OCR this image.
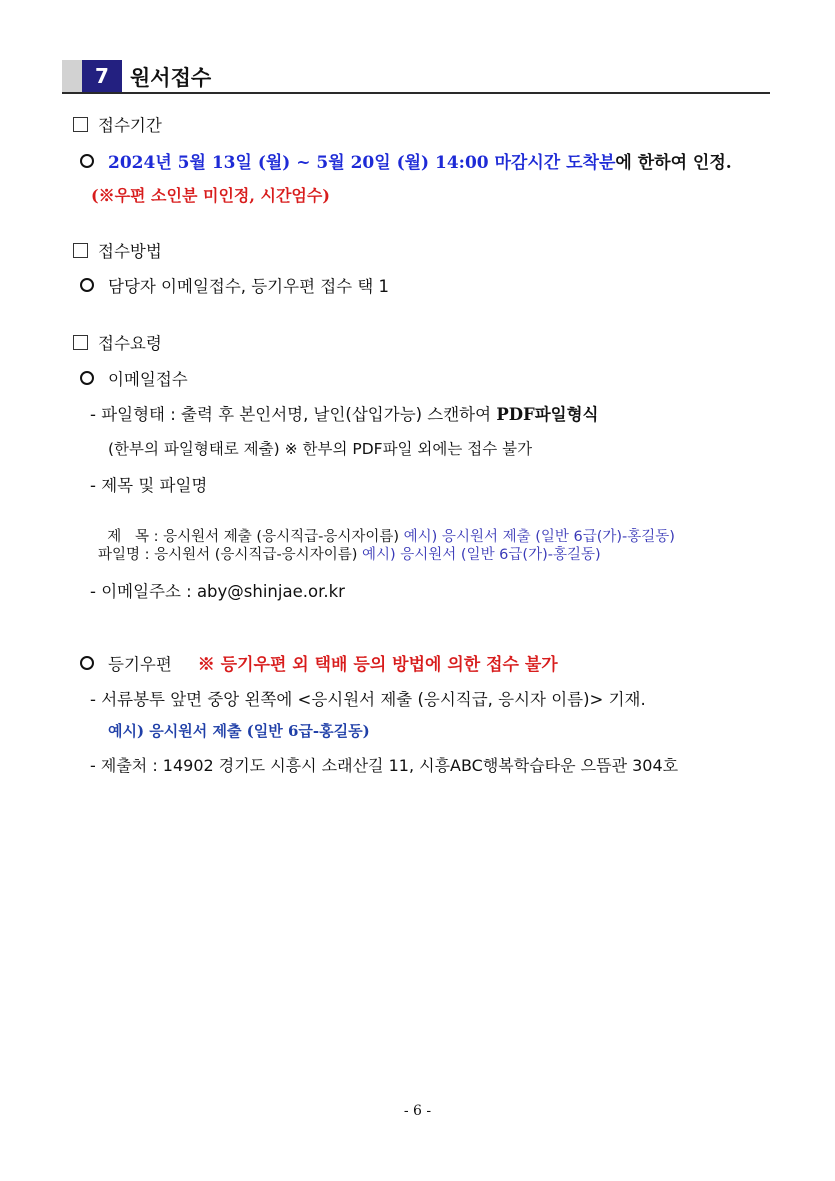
7	원서접수
접수기간
2024년 5월 13일 (월) ~ 5월 20일 (월) 14:00 마감시간 도착분에 한하여 인정.
(※우편 소인분 미인정, 시간엄수)
접수방법
담당자 이메일접수, 등기우편 접수 택 1
접수요령
이메일접수
- 파일형태 : 출력 후 본인서명, 날인(삽입가능) 스캔하여 PDF파일형식
(한부의 파일형태로 제출) ※ 한부의 PDF파일 외에는 접수 불가
- 제목 및 파일명

제   목 : 응시원서 제출 (응시직급-응시자이름) 예시) 응시원서 제출 (일반 6급(가)-홍길동)

파일명 : 응시원서 (응시직급-응시자이름) 예시) 응시원서 (일반 6급(가)-홍길동)
- 이메일주소 : aby@shinjae.or.kr
등기우편 ※ 등기우편 외 택배 등의 방법에 의한 접수 불가
- 서류봉투 앞면 중앙 왼쪽에 <응시원서 제출 (응시직급, 응시자 이름)> 기재.
예시) 응시원서 제출 (일반 6급-홍길동)
- 제출처 : 14902 경기도 시흥시 소래산길 11, 시흥ABC행복학습타운 으뜸관 304호
- 6 -
